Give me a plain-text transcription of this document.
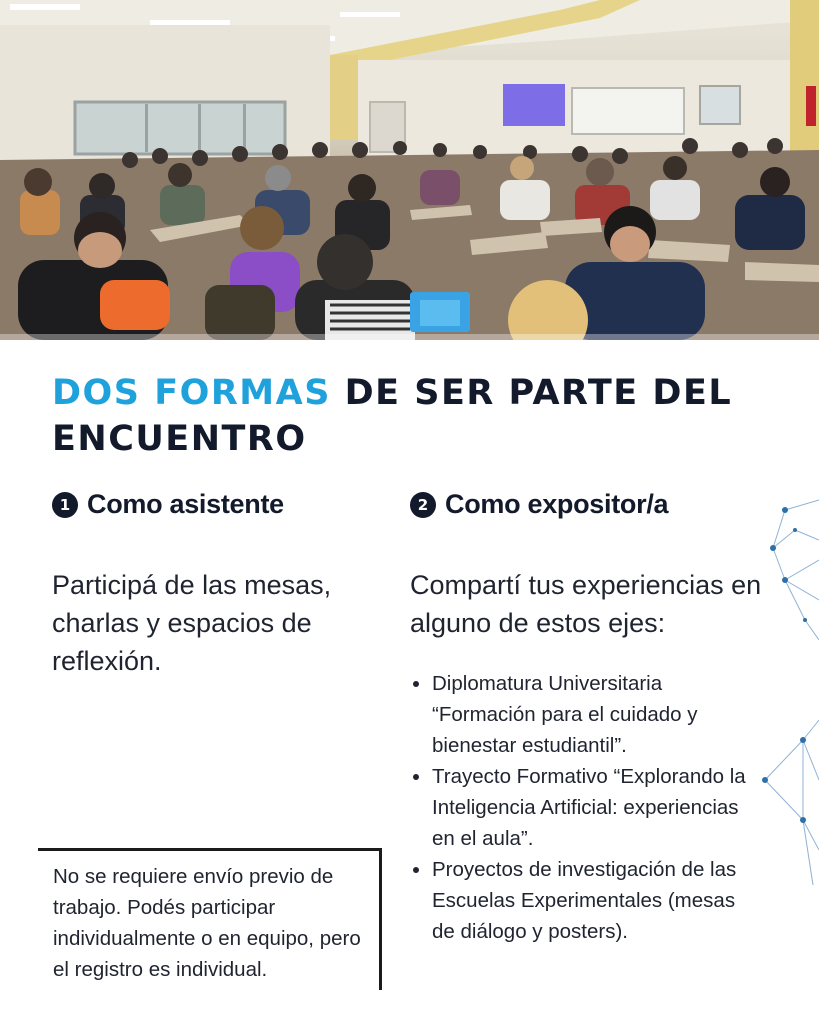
DOS FORMAS DE SER PARTE DEL
ENCUENTRO
1 Como asistente

Participá de las mesas, charlas y espacios de reflexión.

2 Como expositor/a

Compartí tus experiencias en alguno de estos ejes:

Diplomatura Universitaria “Formación para el cuidado y bienestar estudiantil”.
Trayecto Formativo “Explorando la Inteligencia Artificial: experiencias en el aula”.
Proyectos de investigación de las Escuelas Experimentales (mesas de diálogo y posters).

No se requiere envío previo de trabajo. Podés participar individualmente o en equipo, pero el registro es individual.
